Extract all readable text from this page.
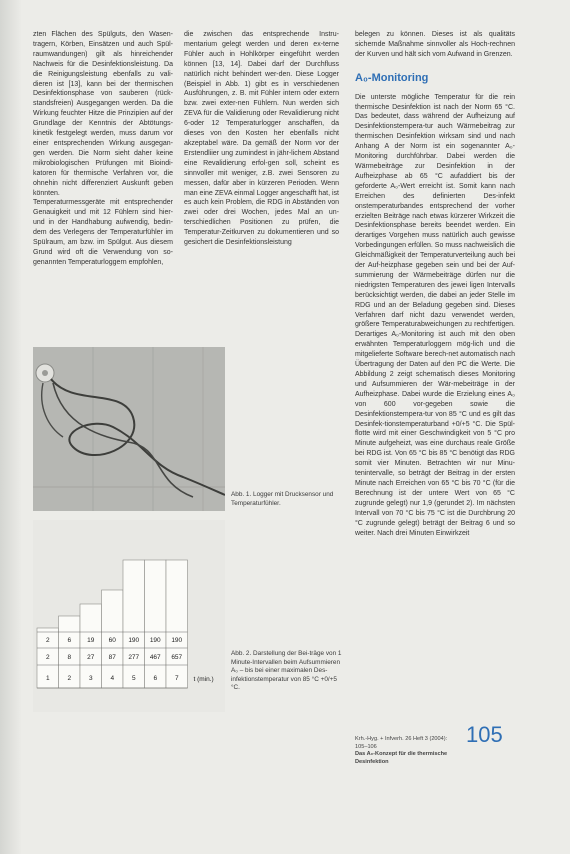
zten Flächen des Spülguts, den Wasen-tragern, Körben, Einsätzen und auch Spül-raumwandungen) gilt als hinreichender Nachweis für die Desinfektionsleistung. Da die Reinigungsleistung ebenfalls zu vali-dieren ist [13], kann bei der thermischen Desinfektionsphase von sauberen (rück-standsfreien) Ausgegangen werden. Da die Wirkung feuchter Hitze die Prinzipien auf der Grundlage der Kenntnis der Abtötungs-kinetik festgelegt werden, muss darum vor einer entsprechenden Wirkung ausgegan-gen werden. Die Norm sieht daher keine mikrobiologischen Prüfungen mit Bioindi-katoren für thermische Verfahren vor, die ohnehin nicht differenziert Auskunft geben könnten.

Temperaturmessgeräte mit entsprechender Genauigkeit und mit 12 Fühlern sind hier-und in der Handhabung aufwendig, bedin-dem des Verlegens der Temperaturfühler im Spülraum, am bzw. im Spülgut. Aus diesem Grund wird oft die Verwendung von so-genannten Temperaturloggern empfohlen,

die zwischen das entsprechende Instru-mentarium gelegt werden und deren ex-terne Fühler auch in Hohlkörper eingeführt werden können [13, 14]. Dabei darf der Durchfluss natürlich nicht behindert wer-den. Diese Logger (Beispiel in Abb. 1) gibt es in verschiedenen Ausführungen, z. B. mit Fühler intern oder extern bzw. zwei exter-nen Fühlern. Nun werden sich ZEVA für die Validierung oder Revalidierung nicht 6-oder 12 Temperaturlogger anschaffen, da dieses von den Kosten her ebenfalls nicht akzeptabel wäre. Da gemäß der Norm vor der Erstendliier ung zumindest in jähr-lichem Abstand eine Revalidierung erfol-gen soll, scheint es sinnvoller mit weniger, z.B. zwei Sensoren zu messen, dafür aber in kürzeren Perioden. Wenn man eine ZEVA einmal Logger angeschafft hat, ist es auch kein Problem, die RDG in Abständen von zwei oder drei Wochen, jedes Mal an un-terschiedlichen Positionen zu prüfen, die Temperatur-Zeitkurven zu dokumentieren und so gesichert die Desinfektionsleistung

belegen zu können. Dieses ist als qualitäts sichernde Maßnahme sinnvoller als Hoch-rechnen der Kurven und hält sich vom Aufwand in Grenzen.

A₀-Monitoring

Die unterste mögliche Temperatur für die rein thermische Desinfektion ist nach der Norm 65 °C. Das bedeutet, dass während der Aufheizung auf Desinfektionstempera-tur auch Wärmebeitrag zur thermischen Desinfektion wirksam sind und nach Anhang A der Norm ist ein sogenannter A₀-Monitoring durchführbar. Dabei werden die Wärmebeiträge zur Desinfektion in der Aufheizphase ab 65 °C aufaddiert bis der geforderte A₀-Wert erreicht ist. Somit kann nach Erreichen des definierten Des-infekt onstemperaturbandes entsprechend der vorher erzielten Beiträge nach etwas kürzerer Wirkzeit die Desinfektionsphase bereits beendet werden. Ein derartiges Vorgehen muss natürlich auch gewisse Vorbedingungen erfüllen. So muss nachweislich die Gleichmäßigkeit der Temperaturverteilung auch bei der Auf-heizphase gegeben sein und bei der Auf-summierung der Wärmebeiträge dürfen nur die niedrigsten Temperaturen des jewei ligen Intervalls berücksichtigt werden, die dabei an jeder Stelle im RDG und an der Beladung gegeben sind. Dieses Verfahren darf nicht dazu verwendet werden, größere Temperaturabweichungen zu rechtfertigen. Derartiges A₀-Monitoring ist auch mit den oben erwähnten Temperaturloggern mög-lich und die mitgelieferte Software berech-net automatisch nach Übertragung der Daten auf den PC die Werte. Die Abbildung 2 zeigt schematisch dieses Monitoring und Aufsummieren der Wär-mebeiträge in der Aufheizphase. Dabei wurde die Erzielung eines A₀ von 600 vor-gegeben sowie die Desinfektionstempera-tur von 85 °C und es gilt das Desinfek-tionstemperaturband +0/+5 °C. Die Spül-flotte wird mit einer Geschwindigkeit von 5 °C pro Minute aufgeheizt, was eine durchaus reale Größe bei RDG ist. Von 65 °C bis 85 °C benötigt das RDG somit vier Minuten. Betrachten wir nur Minu-tenintervalle, so beträgt der Beitrag in der ersten Minute nach Erreichen von 65 °C bis 70 °C (für die Berechnung ist der untere Wert von 65 °C zugrunde gelegt) nur 1,9 (gerundet 2). Im nächsten Intervall von 70 °C bis 75 °C ist die Durchbrung 20 °C zugrunde gelegt) beträgt der Beitrag 6 und so weiter. Nach drei Minuten Einwirkzeit

Abb. 1. Logger mit Drucksensor und Temperaturfühler.
2	6 19 60 190 190 190
2	8 27 87 277 467 657
1	2	3	4	5	6	7 t (min.)
Abb. 2. Darstellung der Bei-träge von 1 Minute-Intervallen beim Aufsummieren A₀ – bis bei einer maximalen Des-infektionstemperatur von 85 °C +0/+5 °C.
Krh.-Hyg. + Infverh. 26 Heft 3 (2004): 105–106
Das A₀-Konzept für die thermische Desinfektion
105
